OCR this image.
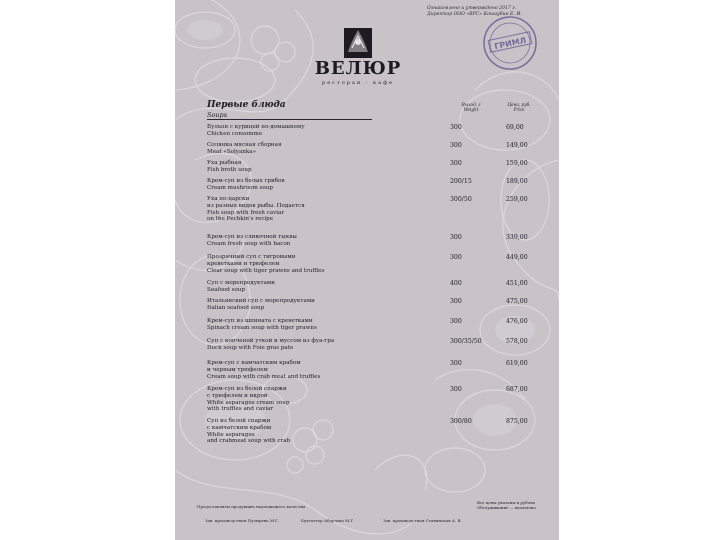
Ознакомлено и утверждено 2017 г.
Директор ООО «ВРС» Коншубин Е. И.
ГРИМЛ
ВЕЛЮР
ресторан · кафе
Первые блюда
Soups
Выход, г
Weight
Цена, руб.
Price
Бульон с курицей по-домашнему
Chicken consomme
300	69,00
Солянка мясная сборная
Meat «Solyanka»
300	149,00
Уха рыбная
Fish broth soup
300	159,00
Крем-суп из белых грибов
Cream mushroom soup
200/15	189,00
Уха по-царски
из разных видов рыбы. Подается
Fish soup with fresh caviar
on the Pechkin's recipe
300/50	259,00
Крем-суп из сливочной тыквы
Cream fresh soup with bacon
300	339,00
Прозрачный суп с тигровыми
креветками и трюфелем
Clear soup with tiger prawns and truffles
300	449,00
Суп с морепродуктами
Seafood soup
400	451,00
Итальянский суп с морепродуктами
Italian seafood soup
300	475,00
Крем-суп из шпината с креветками
Spinach cream soup with tiger prawns
300	476,00
Суп с копченой уткой и муссом из фуа-гра
Duck soup with Foie gras pate
300/35/50	578,00
Крем-суп с камчатским крабом
и черным трюфелем
Cream soup with crab meat and truffles
300	619,00
Крем-суп из белой спаржи
с трюфелем и икрой
White asparagus cream soup
with truffles and caviar
300	687,00
Суп из белой спаржи
с камчатским крабом
White asparagus
and crabmeat soup with crab
300/80	875,00
Предоставляем продукцию надлежащего качества
Все цены указаны в рублях
Обслуживание — включено
Зав. производством Пузырева М.Г.	Бухгалтер Абдулова М.Г.	Зав. производством Ставинская А. В.
